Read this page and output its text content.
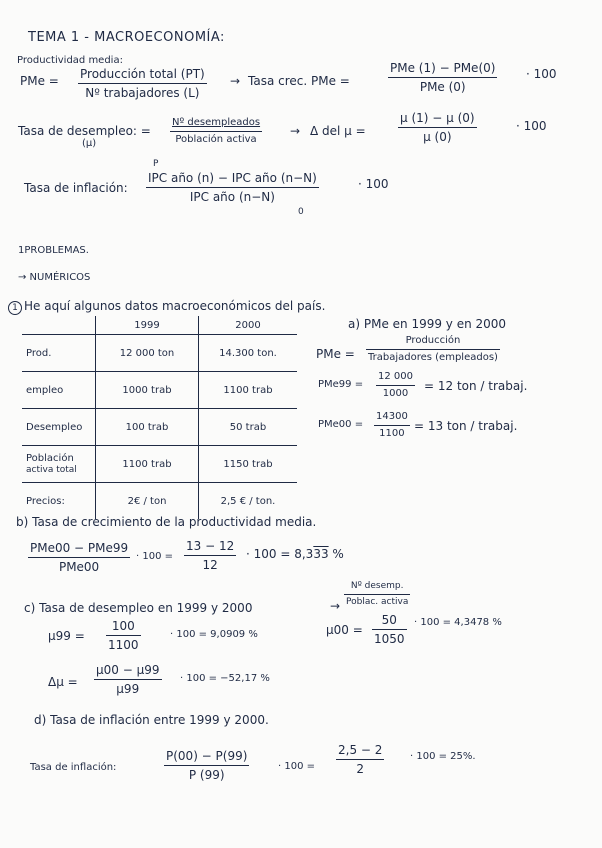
TEMA 1 - MACROECONOMÍA:
Productividad media:
PMe = Producción total (PT)
Nº trabajadores (L)
→ Tasa crec. PMe =
PMe (1) − PMe(0)
PMe (0)
· 100
Tasa de desempleo: =
(μ)
Nº desempleados
Población activa
→ Δ del μ =
μ (1) − μ (0)
μ (0)
· 100
P
Tasa de inflación:
IPC año (n) − IPC año (n−N)
IPC año (n−N)
0
· 100
1PROBLEMAS.
→ NUMÉRICOS
1 He aquí algunos datos macroeconómicos del país.
	1999	2000
Prod.	12 000 ton	14.300 ton.
empleo	1000 trab	1100 trab
Desempleo	100 trab	50 trab
Población
activa total	1100 trab	1150 trab
Precios:	2€ / ton	2,5 € / ton.
a) PMe en 1999 y en 2000
PMe =
Producción
Trabajadores (empleados)
PMe99 =
12 000
1000
= 12 ton / trabaj.
PMe00 =
14300
1100
= 13 ton / trabaj.
b) Tasa de crecimiento de la productividad media.
PMe00 − PMe99
PMe00
· 100 =
13 − 12
12
· 100 = 8,333 %
c) Tasa de desempleo en 1999 y 2000	→
Nº desemp.
Poblac. activa
μ99 =
100
1100
· 100 = 9,0909 %	μ00 =
50
1050
· 100 = 4,3478 %
Δμ =
μ00 − μ99
μ99
· 100 = −52,17 %
d) Tasa de inflación entre 1999 y 2000.
Tasa de inflación:
P(00) − P(99)
P (99)
· 100 =
2,5 − 2
2
· 100 = 25%.
